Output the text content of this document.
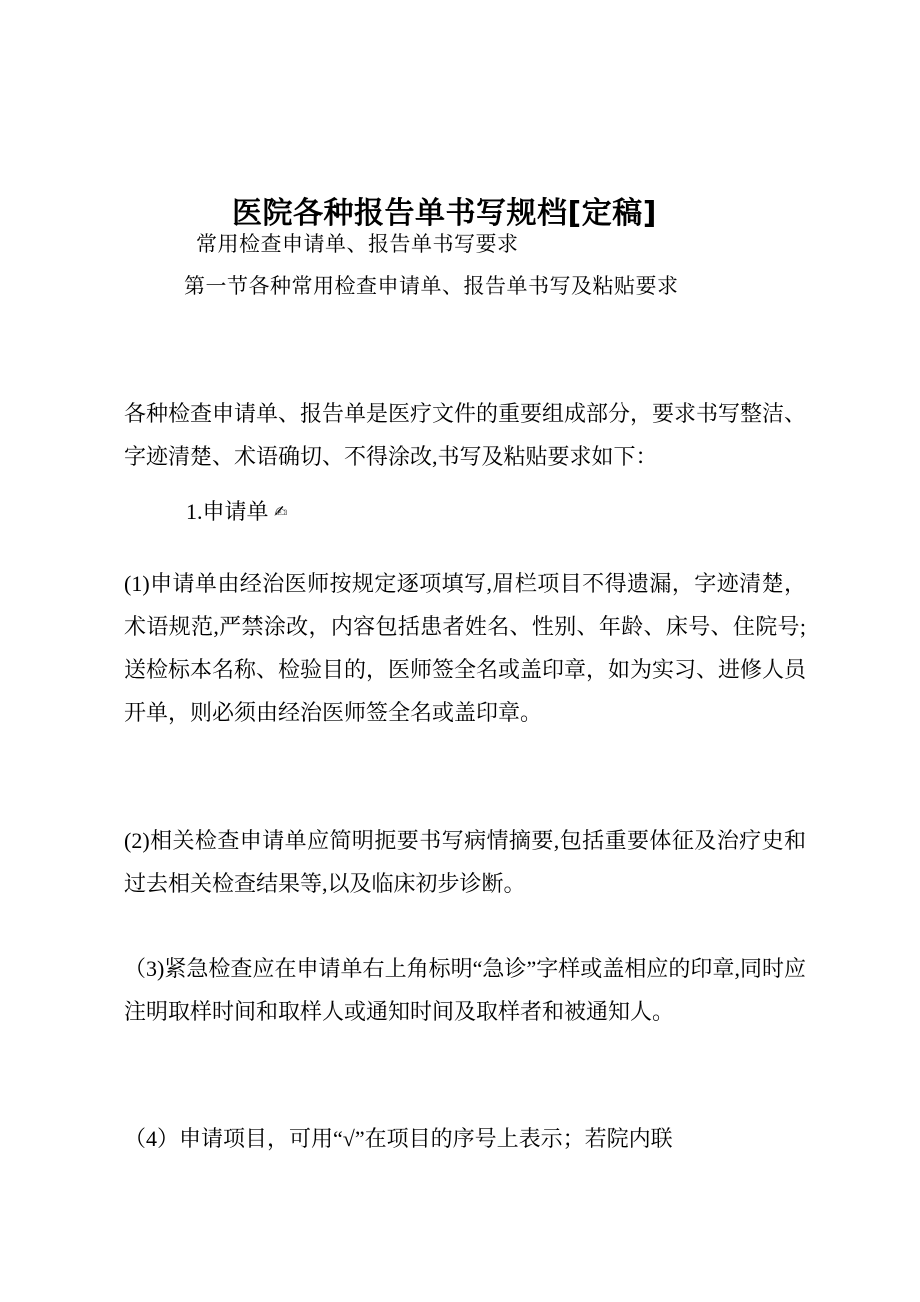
医院各种报告单书写规档[定稿]
常用检查申请单、报告单书写要求
第一节各种常用检查申请单、报告单书写及粘贴要求

各种检查申请单、报告单是医疗文件的重要组成部分，要求书写整洁、字迹清楚、术语确切、不得涂改,书写及粘贴要求如下：

1.申请单 ✍

(1)申请单由经治医师按规定逐项填写,眉栏项目不得遗漏，字迹清楚，术语规范,严禁涂改，内容包括患者姓名、性别、年龄、床号、住院号;送检标本名称、检验目的，医师签全名或盖印章，如为实习、进修人员开单，则必须由经治医师签全名或盖印章。

(2)相关检查申请单应简明扼要书写病情摘要,包括重要体征及治疗史和过去相关检查结果等,以及临床初步诊断。

（3)紧急检查应在申请单右上角标明“急诊”字样或盖相应的印章,同时应注明取样时间和取样人或通知时间及取样者和被通知人。

（4）申请项目，可用“√”在项目的序号上表示；若院内联
